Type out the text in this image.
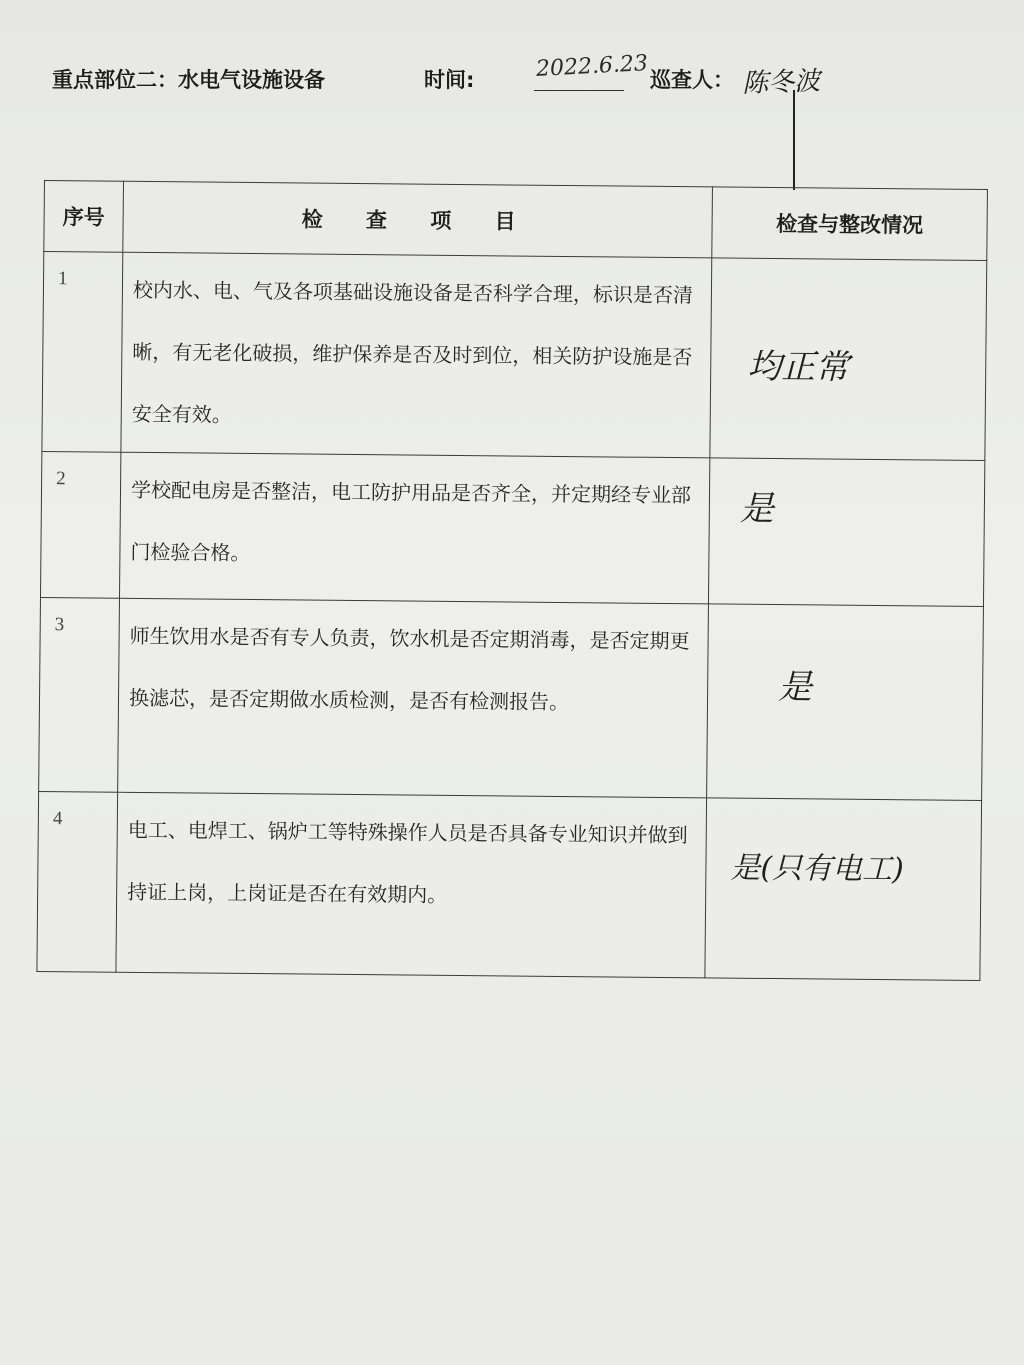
重点部位二：水电气设施设备	时间:	2022.6.23 巡查人： 陈冬波
序号	检 查 项 目	检查与整改情况
1	校内水、电、气及各项基础设施设备是否科学合理，标识是否清晰，有无老化破损，维护保养是否及时到位，相关防护设施是否安全有效。	均正常
2	学校配电房是否整洁，电工防护用品是否齐全，并定期经专业部门检验合格。	是
3	师生饮用水是否有专人负责，饮水机是否定期消毒，是否定期更换滤芯，是否定期做水质检测，是否有检测报告。	是
4	电工、电焊工、锅炉工等特殊操作人员是否具备专业知识并做到持证上岗，上岗证是否在有效期内。	是(只有电工)
